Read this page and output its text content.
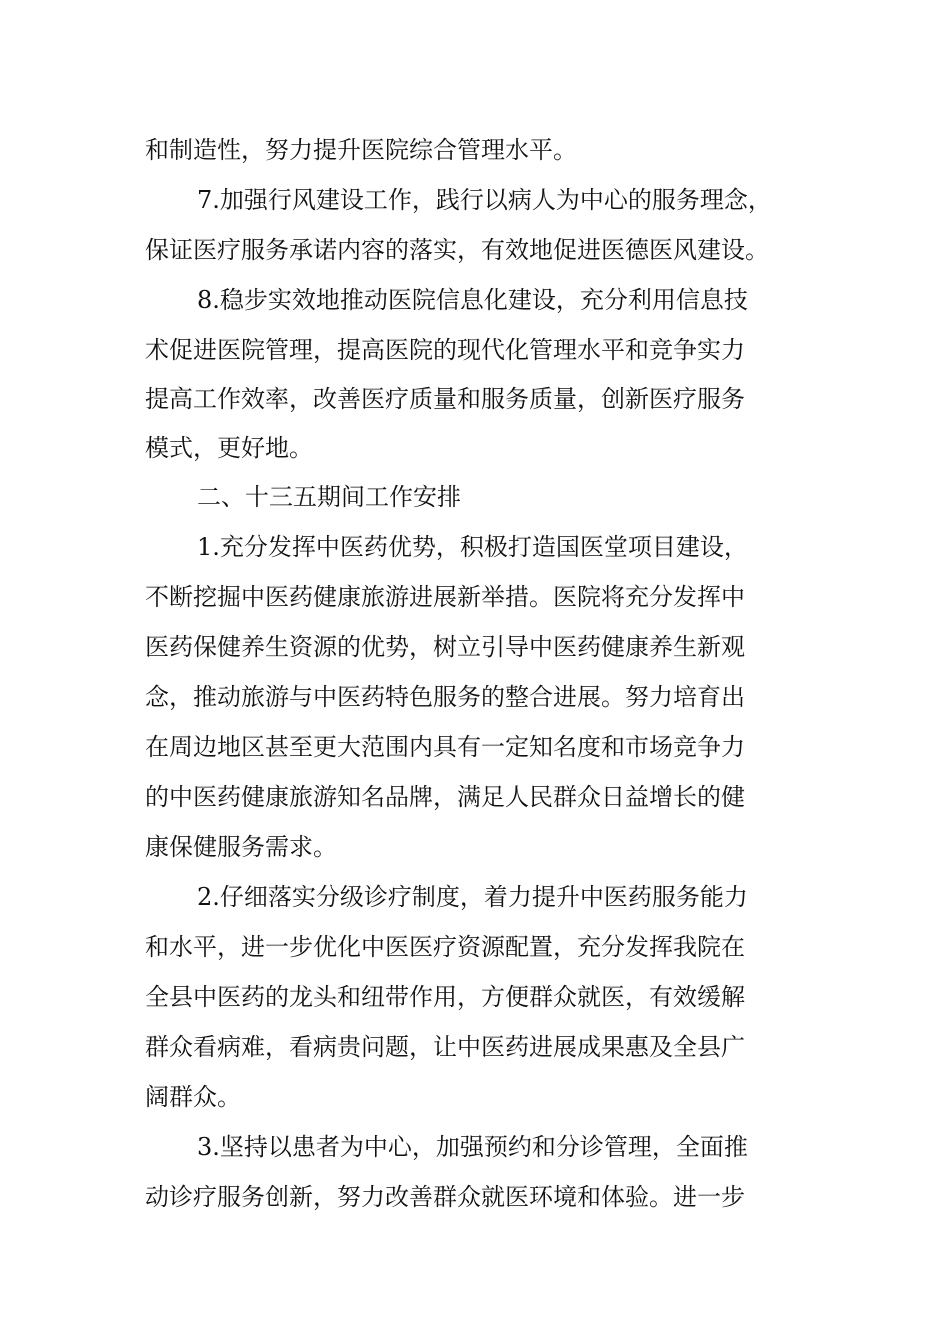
和制造性，努力提升医院综合管理水平。
7.加强行风建设工作，践行以病人为中心的服务理念，
保证医疗服务承诺内容的落实，有效地促进医德医风建设。
8.稳步实效地推动医院信息化建设，充分利用信息技
术促进医院管理，提高医院的现代化管理水平和竞争实力
提高工作效率，改善医疗质量和服务质量，创新医疗服务
模式，更好地。
二、十三五期间工作安排
1.充分发挥中医药优势，积极打造国医堂项目建设，
不断挖掘中医药健康旅游进展新举措。医院将充分发挥中
医药保健养生资源的优势，树立引导中医药健康养生新观
念，推动旅游与中医药特色服务的整合进展。努力培育出
在周边地区甚至更大范围内具有一定知名度和市场竞争力
的中医药健康旅游知名品牌，满足人民群众日益增长的健
康保健服务需求。
2.仔细落实分级诊疗制度，着力提升中医药服务能力
和水平，进一步优化中医医疗资源配置，充分发挥我院在
全县中医药的龙头和纽带作用，方便群众就医，有效缓解
群众看病难，看病贵问题，让中医药进展成果惠及全县广
阔群众。
3.坚持以患者为中心，加强预约和分诊管理，全面推
动诊疗服务创新，努力改善群众就医环境和体验。进一步
